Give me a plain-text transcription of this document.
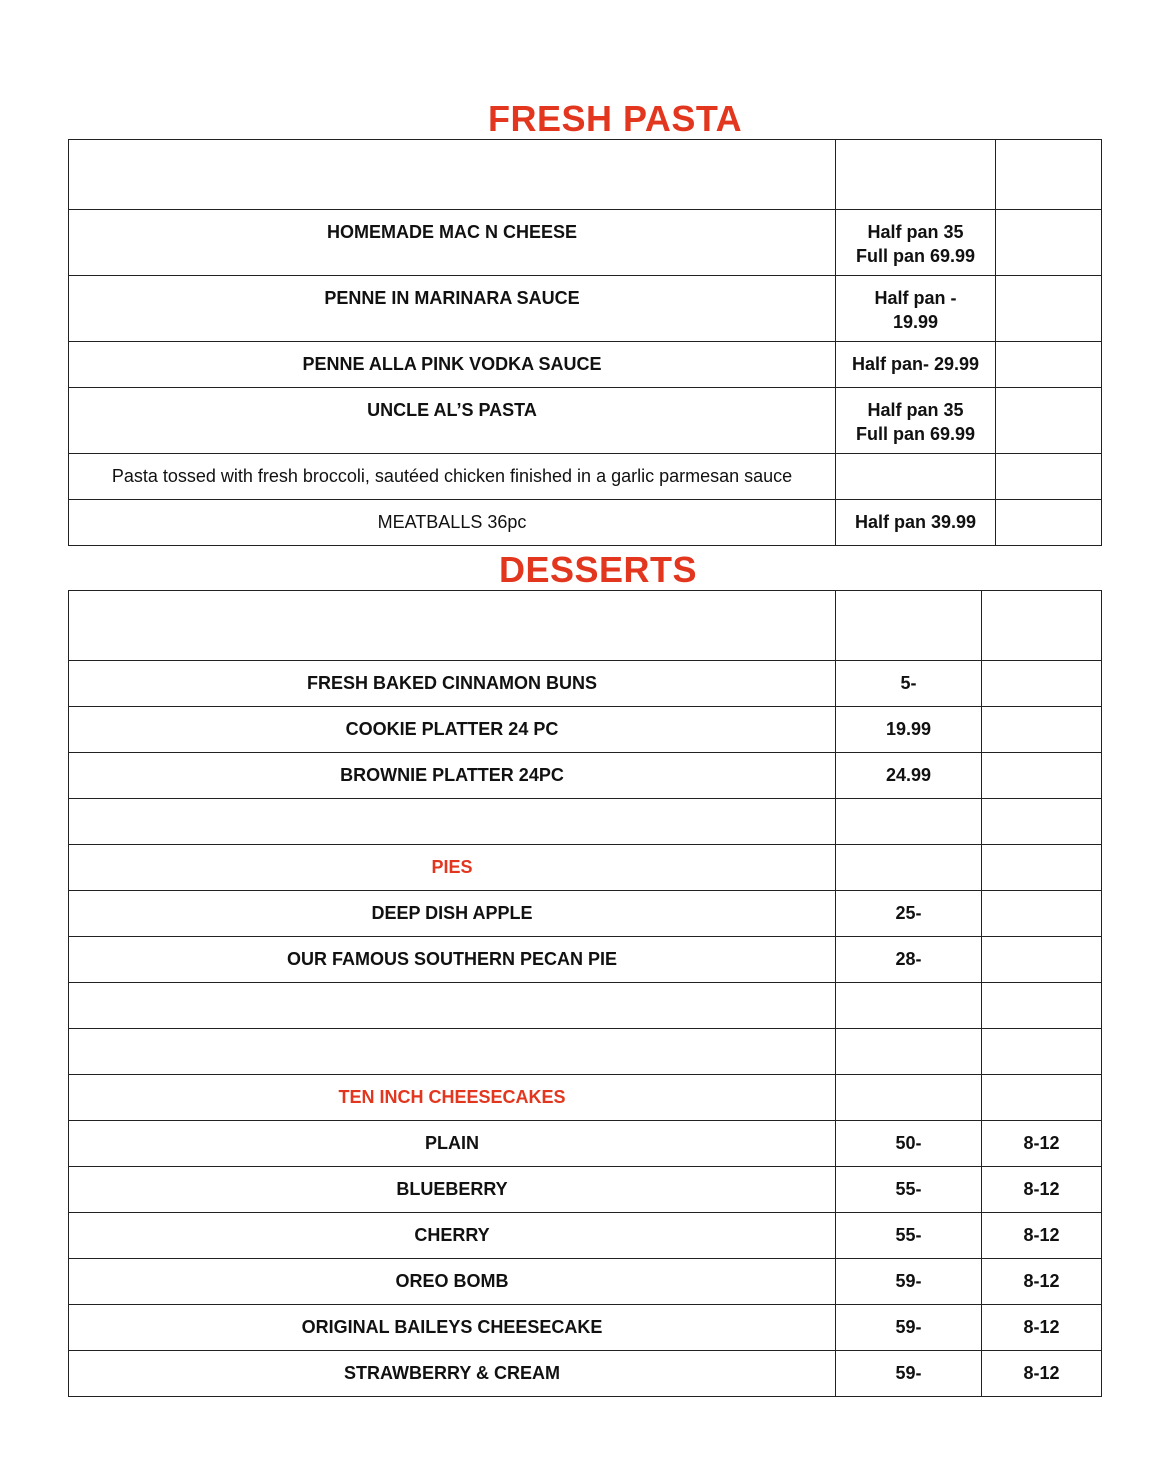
FRESH PASTA

HOMEMADE MAC N CHEESE	Half pan 35
Full pan 69.99	

PENNE IN MARINARA SAUCE	Half pan -
19.99	

PENNE ALLA PINK VODKA SAUCE	Half pan- 29.99	
UNCLE AL’S PASTA	Half pan 35
Full pan 69.99	

Pasta tossed with fresh broccoli, sautéed chicken finished in a garlic parmesan sauce		
MEATBALLS 36pc	Half pan 39.99	
DESSERTS

FRESH BAKED CINNAMON BUNS	5-	
COOKIE PLATTER 24 PC	19.99	
BROWNIE PLATTER 24PC	24.99	

PIES		
DEEP DISH APPLE	25-	
OUR FAMOUS SOUTHERN PECAN PIE	28-	

TEN INCH CHEESECAKES		
PLAIN	50-	8-12
BLUEBERRY	55-	8-12
CHERRY	55-	8-12
OREO BOMB	59-	8-12
ORIGINAL BAILEYS CHEESECAKE	59-	8-12
STRAWBERRY & CREAM	59-	8-12
